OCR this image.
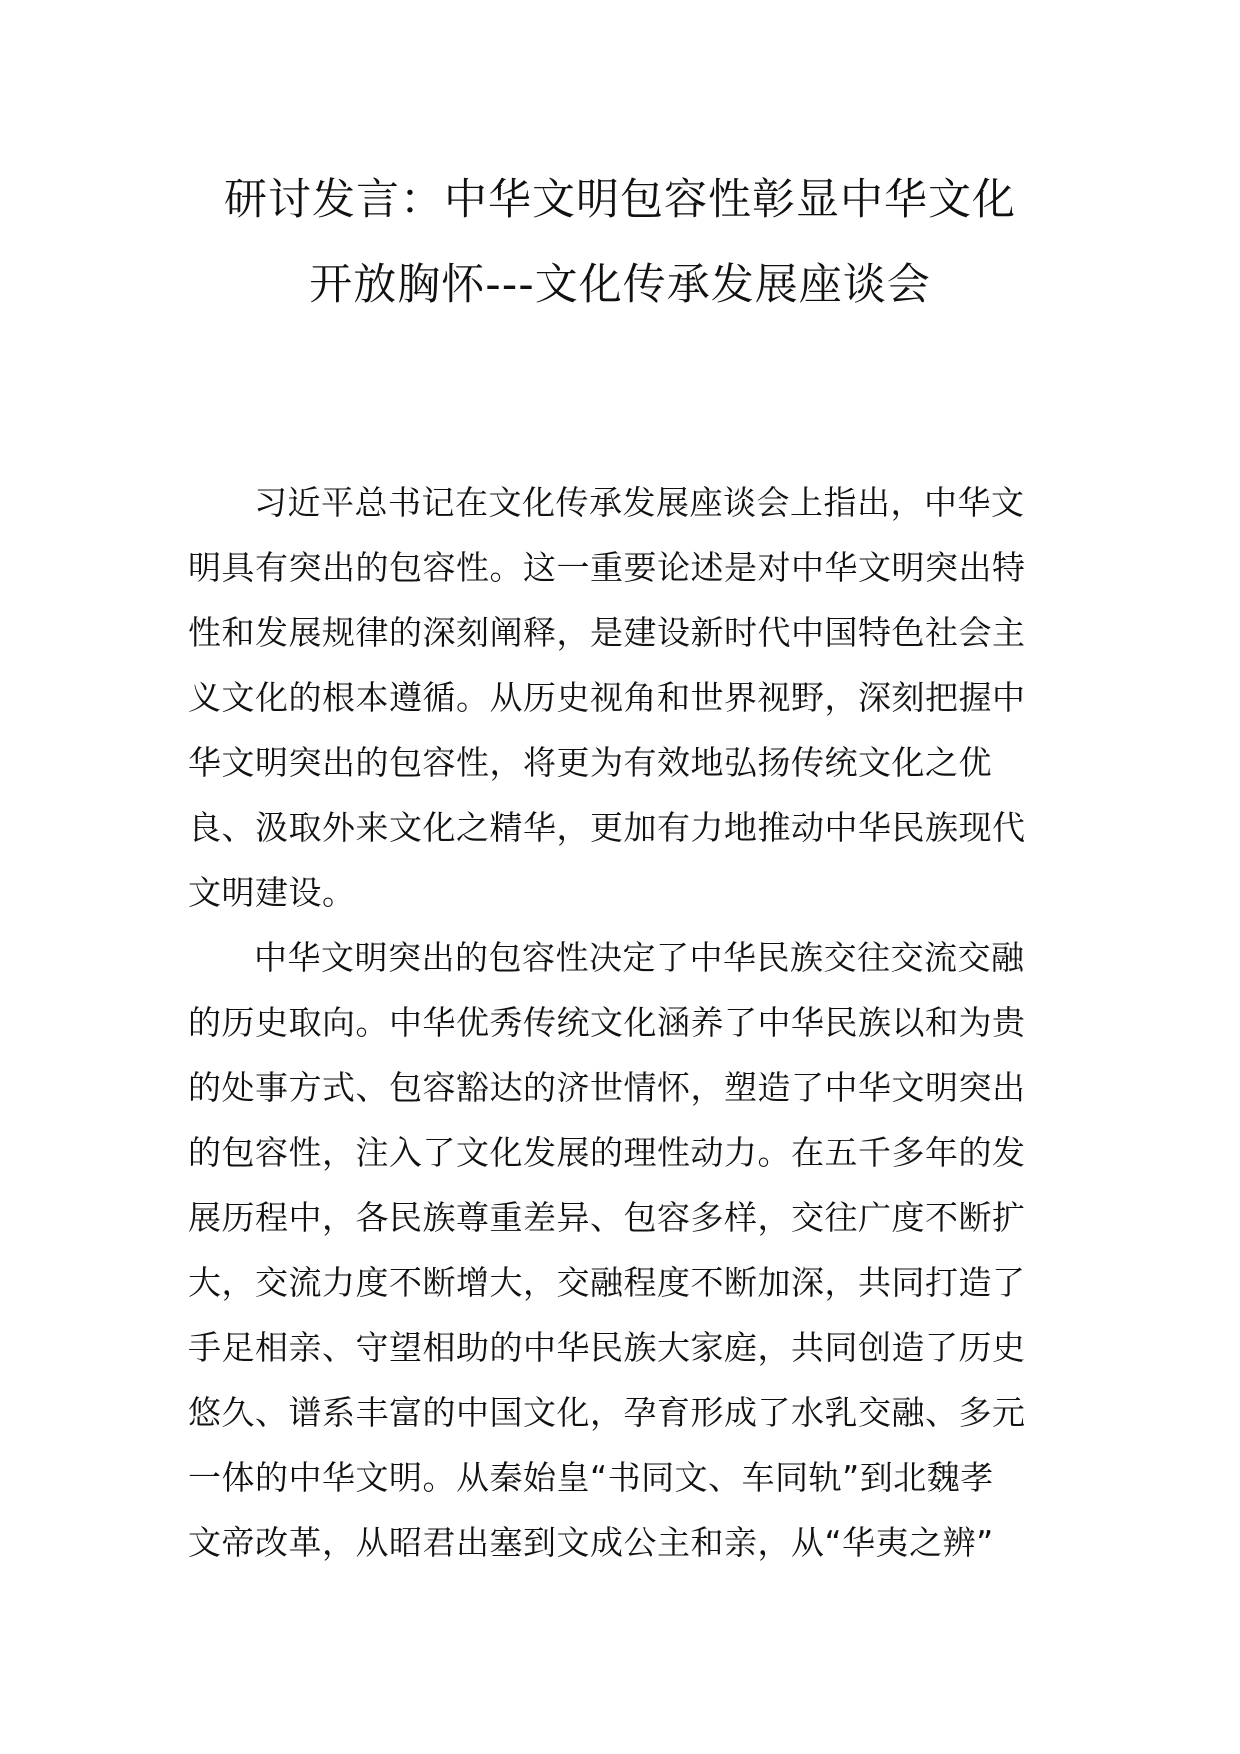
研讨发言：中华文明包容性彰显中华文化
开放胸怀---文化传承发展座谈会
习近平总书记在文化传承发展座谈会上指出，中华文
明具有突出的包容性。这一重要论述是对中华文明突出特
性和发展规律的深刻阐释，是建设新时代中国特色社会主
义文化的根本遵循。从历史视角和世界视野，深刻把握中
华文明突出的包容性，将更为有效地弘扬传统文化之优
良、汲取外来文化之精华，更加有力地推动中华民族现代
文明建设。
中华文明突出的包容性决定了中华民族交往交流交融
的历史取向。中华优秀传统文化涵养了中华民族以和为贵
的处事方式、包容豁达的济世情怀，塑造了中华文明突出
的包容性，注入了文化发展的理性动力。在五千多年的发
展历程中，各民族尊重差异、包容多样，交往广度不断扩
大，交流力度不断增大，交融程度不断加深，共同打造了
手足相亲、守望相助的中华民族大家庭，共同创造了历史
悠久、谱系丰富的中国文化，孕育形成了水乳交融、多元
一体的中华文明。从秦始皇“书同文、车同轨”到北魏孝
文帝改革，从昭君出塞到文成公主和亲，从“华夷之辨”
